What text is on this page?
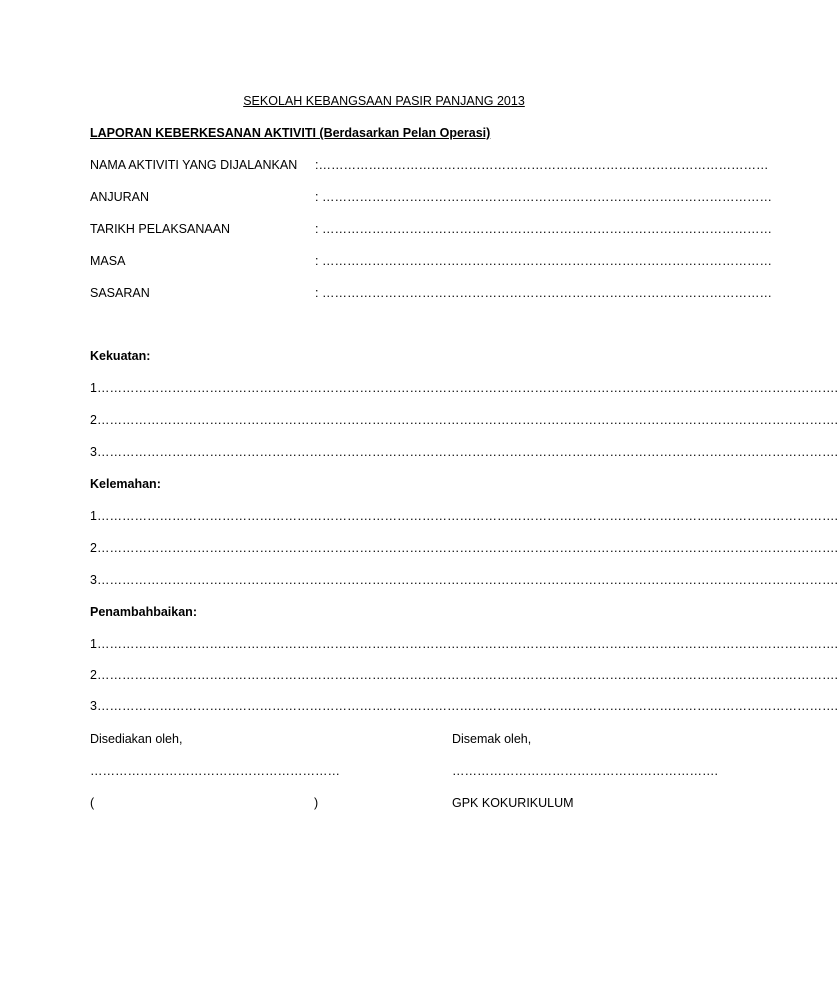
SEKOLAH KEBANGSAAN PASIR PANJANG 2013
LAPORAN KEBERKESANAN AKTIVITI (Berdasarkan Pelan Operasi)
NAMA AKTIVITI YANG DIJALANKAN :………………………………………………………………………………………………
ANJURAN	: ………………………………………………………………………………………………
TARIKH PELAKSANAAN	: ………………………………………………………………………………………………
MASA	: ………………………………………………………………………………………………
SASARAN	: ………………………………………………………………………………………………
Kekuatan:
1…………………………………………………………………………………………………………………………………………………………….
2…………………………………………………………………………………………………………………………………………………………….
3…………………………………………………………………………………………………………………………………………………………….
Kelemahan:
1…………………………………………………………………………………………………………………………………………………………….
2…………………………………………………………………………………………………………………………………………………………….
3…………………………………………………………………………………………………………………………………………………………….
Penambahbaikan:
1…………………………………………………………………………………………………………………………………………………………….
2…………………………………………………………………………………………………………………………………………………………….
3…………………………………………………………………………………………………………………………………………………………….
Disediakan oleh,	Disemak oleh,
……………………………………………………	……………………………………………………….
(	)	GPK KOKURIKULUM
